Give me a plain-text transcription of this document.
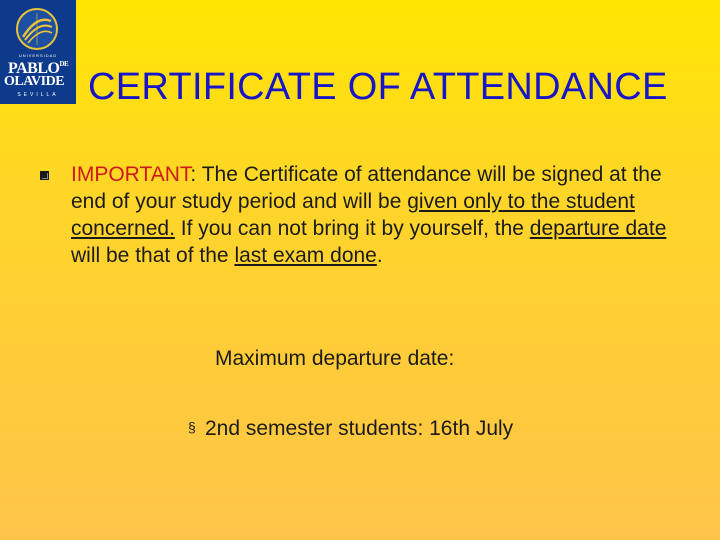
UNIVERSIDAD
$PABLO^{DE}$
OLAVIDE
SEVILLA CERTIFICATE OF ATTENDANCE

IMPORTANT: The Certificate of attendance will be signed at the end of your study period and will be given only to the student concerned. If you can not bring it by yourself, the departure date will be that of the last exam done.

Maximum departure date:
§ 2nd semester students: 16th July
